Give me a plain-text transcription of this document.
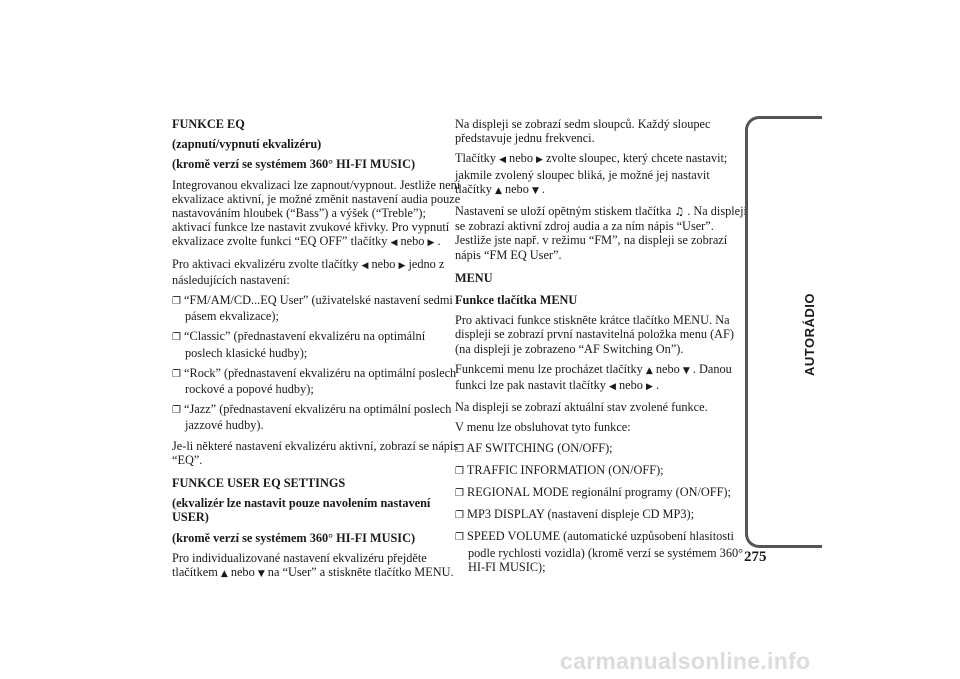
FUNKCE EQ

(zapnutí/vypnutí ekvalizéru)

(kromě verzí se systémem 360° HI-FI MUSIC)

Integrovanou ekvalizaci lze zapnout/vypnout. Jestliže není ekvalizace aktivní, je možné změnit nastavení audia pouze nastavováním hloubek (“Bass”) a výšek (“Treble”); aktivací funkce lze nastavit zvukové křivky. Pro vypnutí ekvalizace zvolte funkci “EQ OFF” tlačítky ◀ nebo ▶ .

Pro aktivaci ekvalizéru zvolte tlačítky ◀ nebo ▶ jedno z následujících nastavení:

❐ “FM/AM/CD...EQ User” (uživatelské nastavení sedmi pásem ekvalizace);

❐ “Classic” (přednastavení ekvalizéru na optimální poslech klasické hudby);

❐ “Rock” (přednastavení ekvalizéru na optimální poslech rockové a popové hudby);

❐ “Jazz” (přednastavení ekvalizéru na optimální poslech jazzové hudby).

Je-li některé nastavení ekvalizéru aktivní, zobrazí se nápis “EQ”.

FUNKCE USER EQ SETTINGS

(ekvalizér lze nastavit pouze navolením nastavení USER)

(kromě verzí se systémem 360° HI-FI MUSIC)

Pro individualizované nastavení ekvalizéru přejděte tlačítkem ▲ nebo ▼ na “User” a stiskněte tlačítko MENU.

Na displeji se zobrazí sedm sloupců. Každý sloupec představuje jednu frekvenci.

Tlačítky ◀ nebo ▶ zvolte sloupec, který chcete nastavit; jakmile zvolený sloupec bliká, je možné jej nastavit tlačítky ▲ nebo ▼ .

Nastavení se uloží opětným stiskem tlačítka ♫ . Na displeji se zobrazí aktivní zdroj audia a za ním nápis “User”. Jestliže jste např. v režimu “FM”, na displeji se zobrazí nápis “FM EQ User”.

MENU

Funkce tlačítka MENU

Pro aktivaci funkce stiskněte krátce tlačítko MENU. Na displeji se zobrazí první nastavitelná položka menu (AF) (na displeji je zobrazeno “AF Switching On”).

Funkcemi menu lze procházet tlačítky ▲ nebo ▼ . Danou funkci lze pak nastavit tlačítky ◀ nebo ▶ .

Na displeji se zobrazí aktuální stav zvolené funkce.

V menu lze obsluhovat tyto funkce:

❐ AF SWITCHING (ON/OFF);

❐ TRAFFIC INFORMATION (ON/OFF);

❐ REGIONAL MODE regionální programy (ON/OFF);

❐ MP3 DISPLAY (nastavení displeje CD MP3);

❐ SPEED VOLUME (automatické uzpůsobení hlasitosti podle rychlosti vozidla) (kromě verzí se systémem 360° HI-FI MUSIC);

AUTORÁDIO
275
carmanualsonline.info
